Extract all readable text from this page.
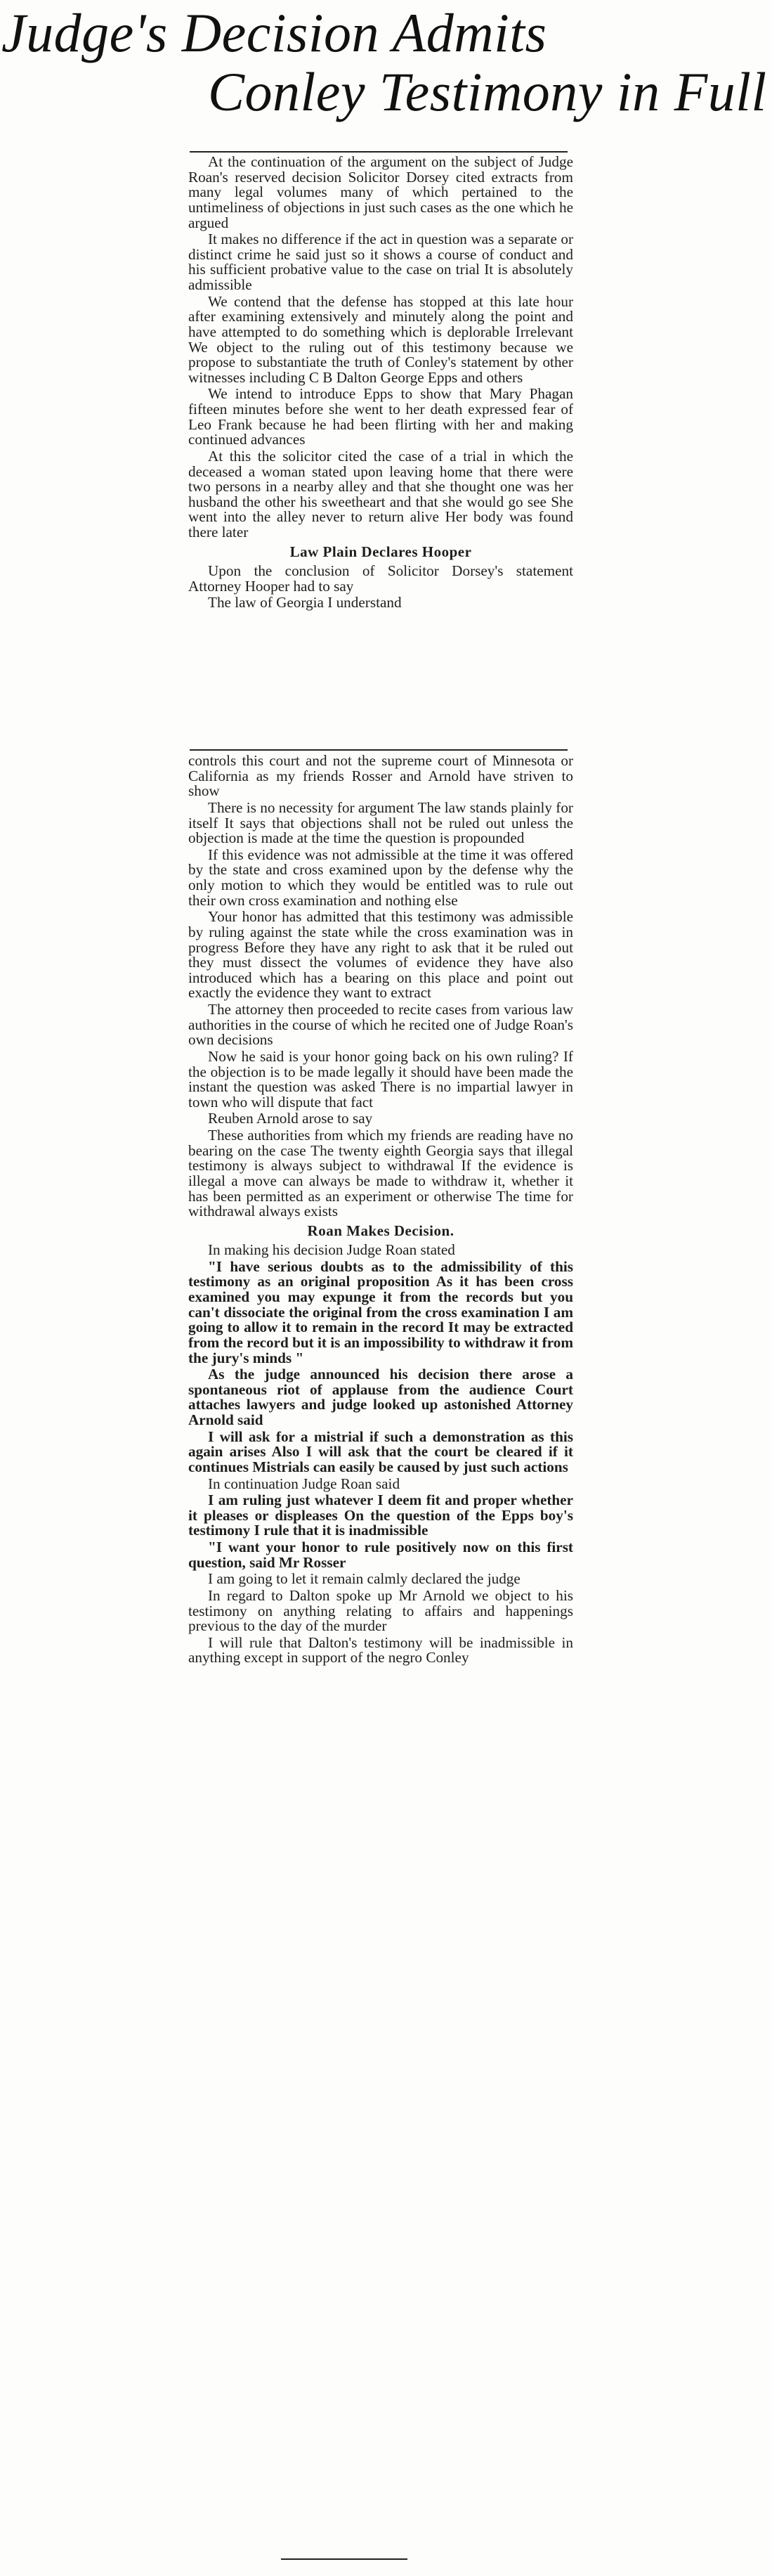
Judge's Decision Admits
Conley Testimony in Full

At the continuation of the argument on the subject of Judge Roan's reserved decision Solicitor Dorsey cited extracts from many legal volumes many of which pertained to the untimeliness of objections in just such cases as the one which he argued

It makes no difference if the act in question was a separate or distinct crime he said just so it shows a course of conduct and his sufficient probative value to the case on trial It is absolutely admissible

We contend that the defense has stopped at this late hour after examining extensively and minutely along the point and have attempted to do something which is deplorable Irrelevant We object to the ruling out of this testimony because we propose to substantiate the truth of Conley's statement by other witnesses including C B Dalton George Epps and others

We intend to introduce Epps to show that Mary Phagan fifteen minutes before she went to her death expressed fear of Leo Frank because he had been flirting with her and making continued advances

At this the solicitor cited the case of a trial in which the deceased a woman stated upon leaving home that there were two persons in a nearby alley and that she thought one was her husband the other his sweetheart and that she would go see She went into the alley never to return alive Her body was found there later

Law Plain Declares Hooper

Upon the conclusion of Solicitor Dorsey's statement Attorney Hooper had to say

The law of Georgia I understand

controls this court and not the supreme court of Minnesota or California as my friends Rosser and Arnold have striven to show

There is no necessity for argument The law stands plainly for itself It says that objections shall not be ruled out unless the objection is made at the time the question is propounded

If this evidence was not admissible at the time it was offered by the state and cross examined upon by the defense why the only motion to which they would be entitled was to rule out their own cross examination and nothing else

Your honor has admitted that this testimony was admissible by ruling against the state while the cross examination was in progress Before they have any right to ask that it be ruled out they must dissect the volumes of evidence they have also introduced which has a bearing on this place and point out exactly the evidence they want to extract

The attorney then proceeded to recite cases from various law authorities in the course of which he recited one of Judge Roan's own decisions

Now he said is your honor going back on his own ruling? If the objection is to be made legally it should have been made the instant the question was asked There is no impartial lawyer in town who will dispute that fact

Reuben Arnold arose to say

These authorities from which my friends are reading have no bearing on the case The twenty eighth Georgia says that illegal testimony is always subject to withdrawal If the evidence is illegal a move can always be made to withdraw it, whether it has been permitted as an experiment or otherwise The time for withdrawal always exists

Roan Makes Decision.

In making his decision Judge Roan stated

"I have serious doubts as to the admissibility of this testimony as an original proposition As it has been cross examined you may expunge it from the records but you can't dissociate the original from the cross examination I am going to allow it to remain in the record It may be extracted from the record but it is an impossibility to withdraw it from the jury's minds "

As the judge announced his decision there arose a spontaneous riot of applause from the audience Court attaches lawyers and judge looked up astonished Attorney Arnold said

I will ask for a mistrial if such a demonstration as this again arises Also I will ask that the court be cleared if it continues Mistrials can easily be caused by just such actions

In continuation Judge Roan said

I am ruling just whatever I deem fit and proper whether it pleases or displeases On the question of the Epps boy's testimony I rule that it is inadmissible

"I want your honor to rule positively now on this first question, said Mr Rosser

I am going to let it remain calmly declared the judge

In regard to Dalton spoke up Mr Arnold we object to his testimony on anything relating to affairs and happenings previous to the day of the murder

I will rule that Dalton's testimony will be inadmissible in anything except in support of the negro Conley
